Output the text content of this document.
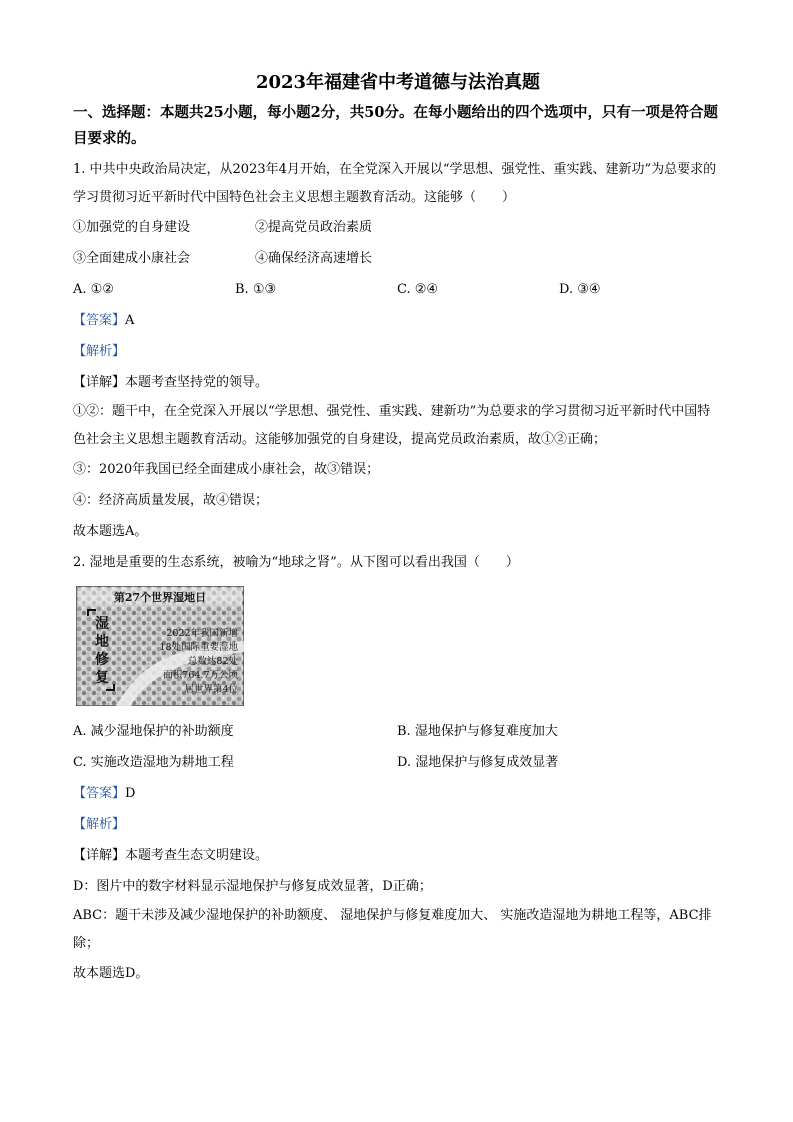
2023年福建省中考道德与法治真题
一、选择题：本题共25小题，每小题2分，共50分。在每小题给出的四个选项中，只有一项是符合题目要求的。

1. 中共中央政治局决定，从2023年4月开始，在全党深入开展以“学思想、强党性、重实践、建新功”为总要求的学习贯彻习近平新时代中国特色社会主义思想主题教育活动。这能够（　　）

①加强党的自身建设	②提高党员政治素质
③全面建成小康社会	④确保经济高速增长
A. ①②	B. ①③	C. ②④	D. ③④

【答案】A

【解析】

【详解】本题考查坚持党的领导。

①②：题干中，在全党深入开展以“学思想、强党性、重实践、建新功”为总要求的学习贯彻习近平新时代中国特色社会主义思想主题教育活动。这能够加强党的自身建设，提高党员政治素质，故①②正确；

③：2020年我国已经全面建成小康社会，故③错误；

④：经济高质量发展，故④错误；

故本题选A。

2. 湿地是重要的生态系统，被喻为“地球之肾”。从下图可以看出我国（　　）

第27个世界湿地日
湿
地
修
复
2022年我国新增
18处国际重要湿地
总数达82处
面积764.7万公顷
居世界第4位
A. 减少湿地保护的补助额度	B. 湿地保护与修复难度加大
C. 实施改造湿地为耕地工程	D. 湿地保护与修复成效显著

【答案】D

【解析】

【详解】本题考查生态文明建设。

D：图片中的数字材料显示湿地保护与修复成效显著，D正确；

ABC：题干未涉及减少湿地保护的补助额度、 湿地保护与修复难度加大、 实施改造湿地为耕地工程等，ABC排除；

故本题选D。
